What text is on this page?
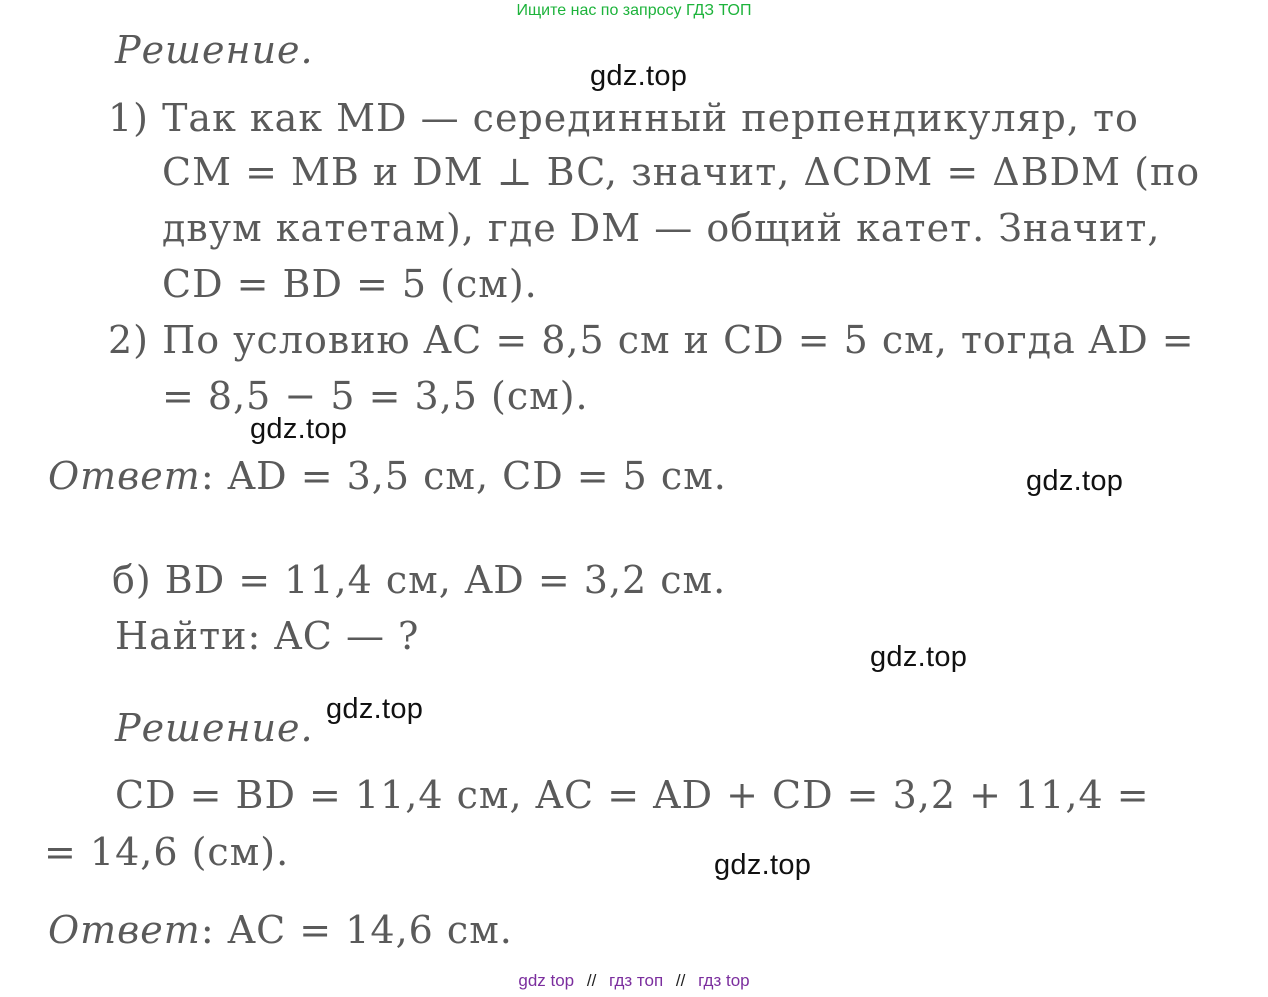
Ищите нас по запросу ГДЗ ТОП
Решение.
1) Так как MD — серединный перпендикуляр, то
CM = MB и DM ⊥ BC, значит, ΔCDM = ΔBDM (по
двум катетам), где DM — общий катет. Значит,
CD = BD = 5 (см).
2) По условию AC = 8,5 см и CD = 5 см, тогда AD =
= 8,5 − 5 = 3,5 (см).
Ответ: AD = 3,5 см, CD = 5 см.
б) BD = 11,4 см, AD = 3,2 см.
Найти: AC — ?
Решение.
CD = BD = 11,4 см, AC = AD + CD = 3,2 + 11,4 =
= 14,6 (см).
Ответ: AC = 14,6 см.
gdz.top
gdz.top
gdz.top
gdz.top
gdz.top
gdz.top
gdz top // гдз топ // гдз top
